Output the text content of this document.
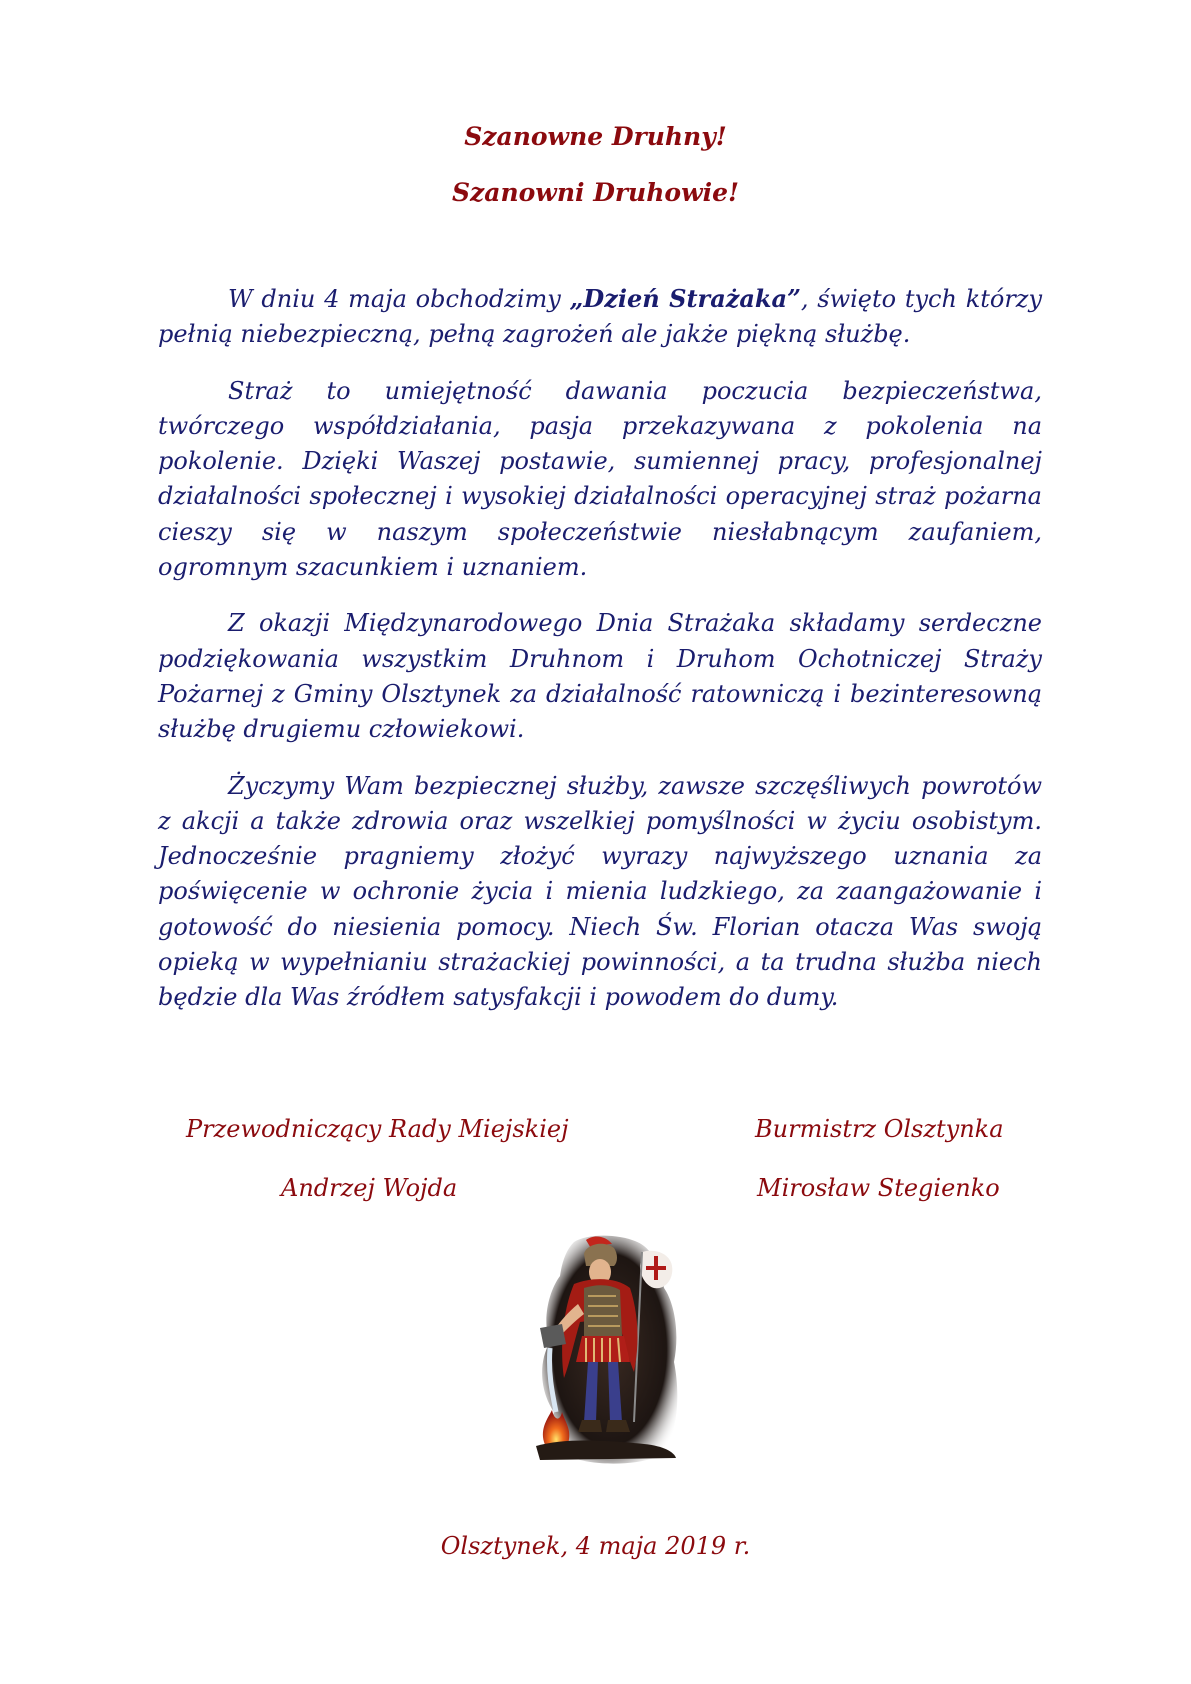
Szanowne Druhny!
Szanowni Druhowie!

W dniu 4 maja obchodzimy „Dzień Strażaka”, święto tych którzy pełnią niebezpieczną, pełną zagrożeń ale jakże piękną służbę.

Straż to umiejętność dawania poczucia bezpieczeństwa, twórczego współdziałania, pasja przekazywana z pokolenia na pokolenie. Dzięki Waszej postawie, sumiennej pracy, profesjonalnej działalności społecznej i wysokiej działalności operacyjnej straż pożarna cieszy się w naszym społeczeństwie niesłabnącym zaufaniem, ogromnym szacunkiem i uznaniem.

Z okazji Międzynarodowego Dnia Strażaka składamy serdeczne podziękowania wszystkim Druhnom i Druhom Ochotniczej Straży Pożarnej z Gminy Olsztynek za działalność ratowniczą i bezinteresowną służbę drugiemu człowiekowi.

Życzymy Wam bezpiecznej służby, zawsze szczęśliwych powrotów z akcji a także zdrowia oraz wszelkiej pomyślności w życiu osobistym. Jednocześnie pragniemy złożyć wyrazy najwyższego uznania za poświęcenie w ochronie życia i mienia ludzkiego, za zaangażowanie i gotowość do niesienia pomocy. Niech Św. Florian otacza Was swoją opieką w wypełnianiu strażackiej powinności, a ta trudna służba niech będzie dla Was źródłem satysfakcji i powodem do dumy.

Przewodniczący Rady Miejskiej

Andrzej Wojda

Burmistrz Olsztynka

Mirosław Stegienko

Olsztynek, 4 maja 2019 r.
